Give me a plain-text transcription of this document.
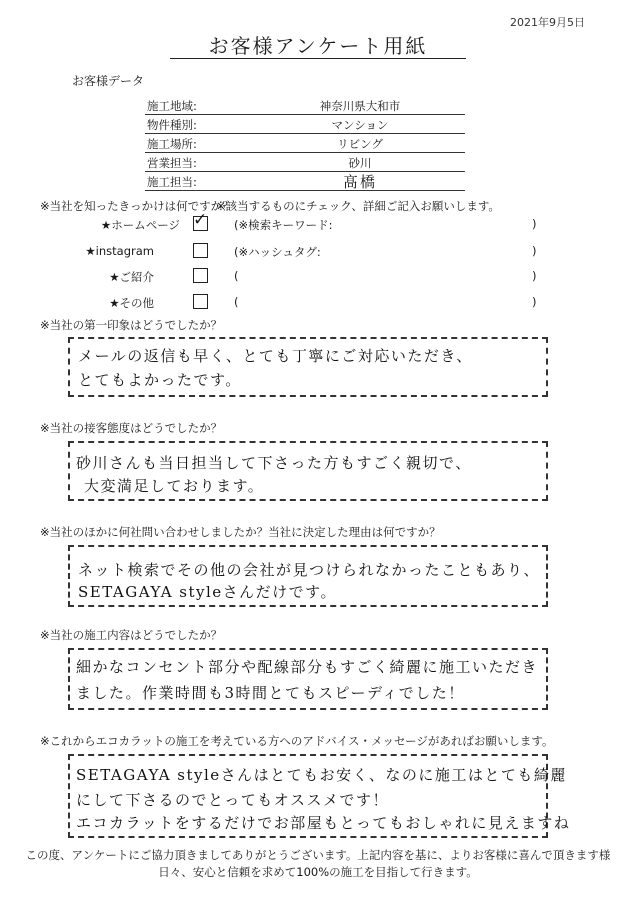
2021年9月5日
お客様アンケート用紙
お客様データ
施工地域:	神奈川県大和市
物件種別:	マンション
施工場所:	リビング
営業担当:	砂川
施工担当:	髙橋
※当社を知ったきっかけは何ですか？
※該当するものにチェック、詳細ご記入お願いします。
★ホームページ ✓ (※検索キーワード:	)
★instagram	(※ハッシュタグ:	)
★ご紹介	(	)
★その他	(	)
※当社の第一印象はどうでしたか？
メールの返信も早く、とても丁寧にご対応いただき、
とてもよかったです。
※当社の接客態度はどうでしたか？
砂川さんも当日担当して下さった方もすごく親切で、
大変満足しております。
※当社のほかに何社問い合わせしましたか？当社に決定した理由は何ですか？
ネット検索でその他の会社が見つけられなかったこともあり、
SETAGAYA styleさんだけです。
※当社の施工内容はどうでしたか？
細かなコンセント部分や配線部分もすごく綺麗に施工いただき
ました。作業時間も3時間とてもスピーディでした！
※これからエコカラットの施工を考えている方へのアドバイス・メッセージがあればお願いします。
SETAGAYA styleさんはとてもお安く、なのに施工はとても綺麗
にして下さるのでとってもオススメです！
エコカラットをするだけでお部屋もとってもおしゃれに見えますね
この度、アンケートにご協力頂きましてありがとうございます。上記内容を基に、よりお客様に喜んで頂きます様
日々、安心と信頼を求めて100%の施工を目指して行きます。
